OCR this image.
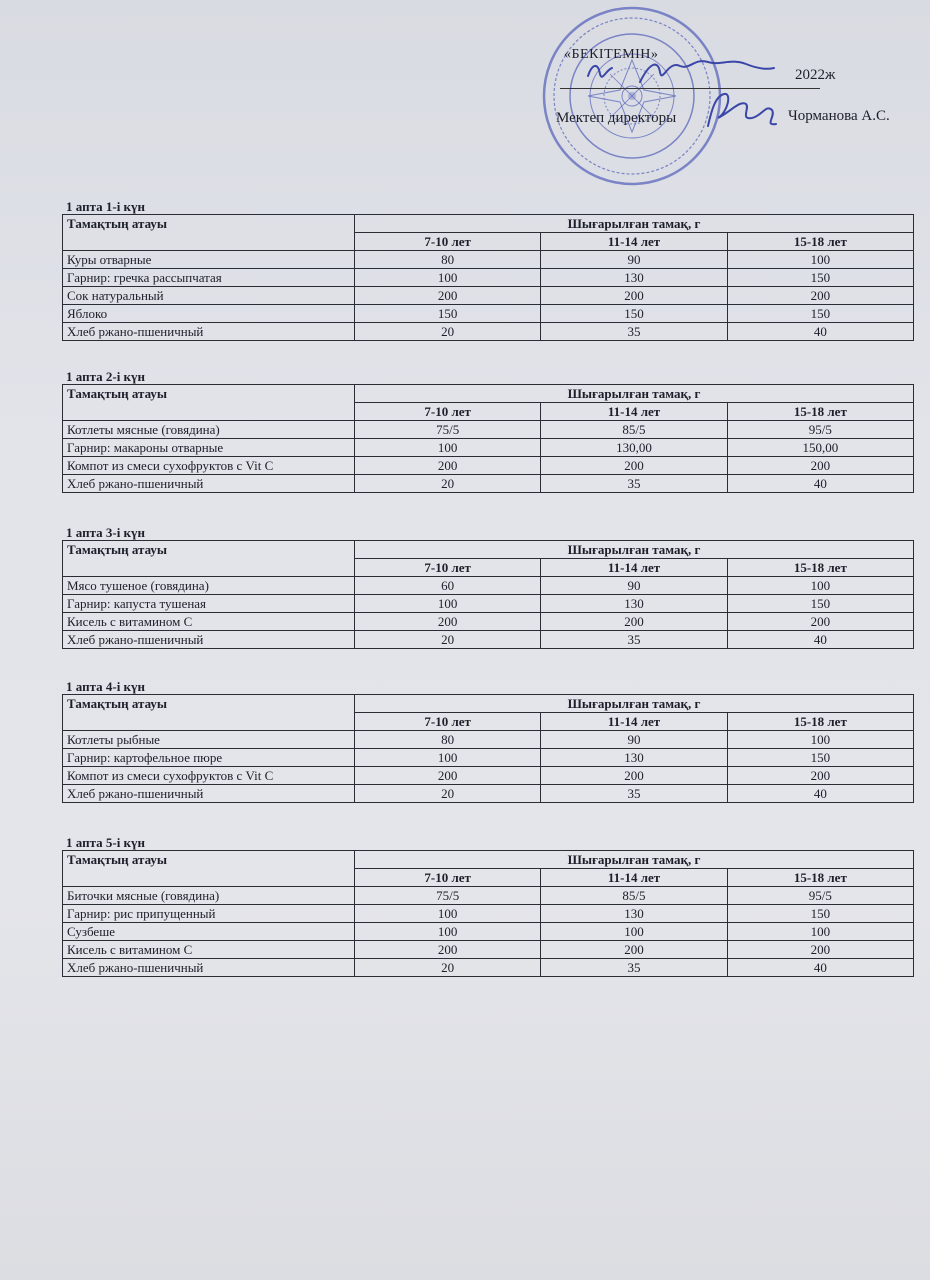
«БЕКІТЕМІН»
2022ж
Мектеп директоры	Чорманова А.С.
1 апта 1-і күн
Тамақтың атауы	Шығарылған тамақ, г		
	7-10 лет	11-14 лет	15-18 лет
Куры отварные	80	90	100
Гарнир: гречка рассыпчатая	100	130	150
Сок натуральный	200	200	200
Яблоко	150	150	150
Хлеб ржано-пшеничный	20	35	40
1 апта 2-і күн
Тамақтың атауы	Шығарылған тамақ, г		
	7-10 лет	11-14 лет	15-18 лет
Котлеты мясные (говядина)	75/5	85/5	95/5
Гарнир: макароны отварные	100	130,00	150,00
Компот из смеси сухофруктов с Vit C	200	200	200
Хлеб ржано-пшеничный	20	35	40
1 апта 3-і күн
Тамақтың атауы	Шығарылған тамақ, г		
	7-10 лет	11-14 лет	15-18 лет
Мясо тушеное (говядина)	60	90	100
Гарнир: капуста тушеная	100	130	150
Кисель с витамином С	200	200	200
Хлеб ржано-пшеничный	20	35	40
1 апта 4-і күн
Тамақтың атауы	Шығарылған тамақ, г		
	7-10 лет	11-14 лет	15-18 лет
Котлеты рыбные	80	90	100
Гарнир: картофельное пюре	100	130	150
Компот из смеси сухофруктов с Vit C	200	200	200
Хлеб ржано-пшеничный	20	35	40
1 апта 5-і күн
Тамақтың атауы	Шығарылған тамақ, г		
	7-10 лет	11-14 лет	15-18 лет
Биточки мясные (говядина)	75/5	85/5	95/5
Гарнир: рис припущенный	100	130	150
Сузбеше	100	100	100
Кисель с витамином С	200	200	200
Хлеб ржано-пшеничный	20	35	40
